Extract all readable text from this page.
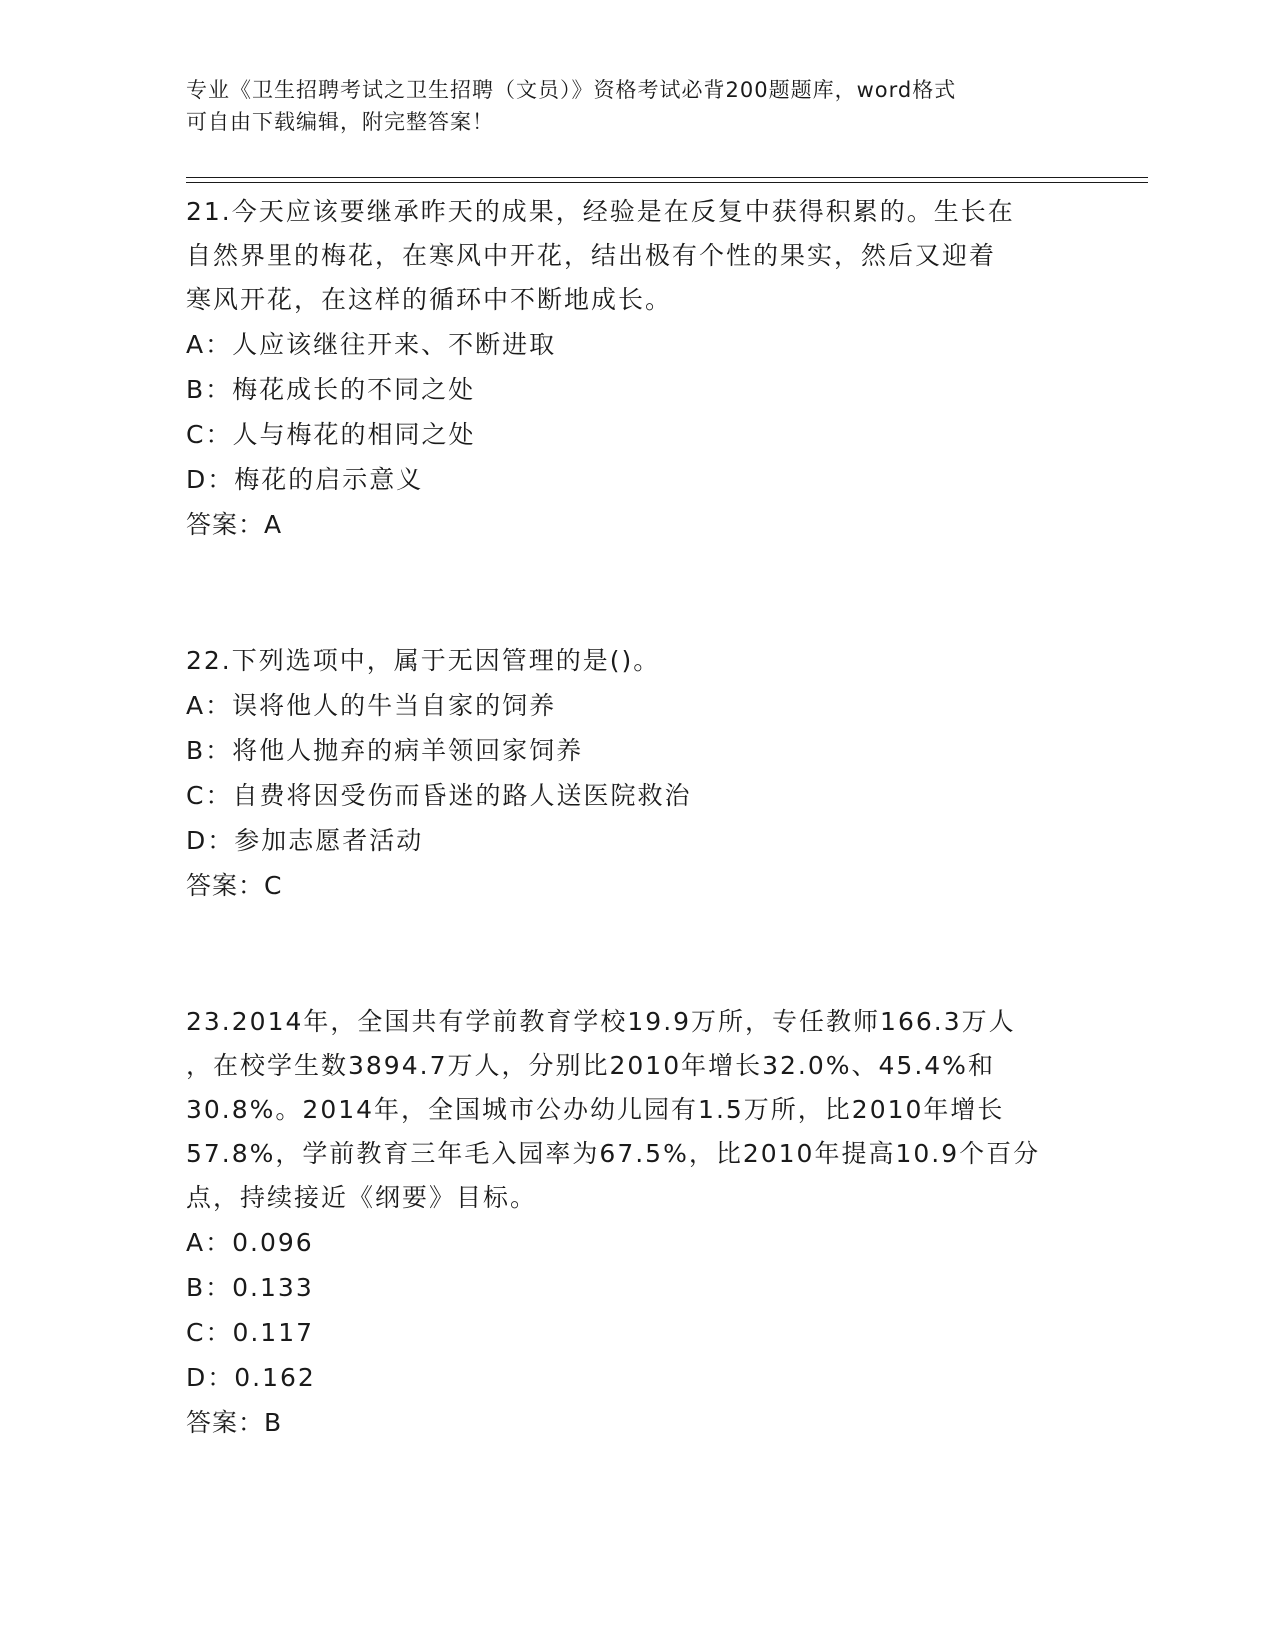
专业《卫生招聘考试之卫生招聘（文员）》资格考试必背200题题库，word格式
可自由下载编辑，附完整答案！

21.今天应该要继承昨天的成果，经验是在反复中获得积累的。生长在

自然界里的梅花，在寒风中开花，结出极有个性的果实，然后又迎着

寒风开花，在这样的循环中不断地成长。

A：人应该继往开来、不断进取

B：梅花成长的不同之处

C：人与梅花的相同之处

D：梅花的启示意义

答案：A

22.下列选项中，属于无因管理的是()。

A：误将他人的牛当自家的饲养

B：将他人抛弃的病羊领回家饲养

C：自费将因受伤而昏迷的路人送医院救治

D：参加志愿者活动

答案：C

23.2014年，全国共有学前教育学校19.9万所，专任教师166.3万人

，在校学生数3894.7万人，分别比2010年增长32.0%、45.4%和

30.8%。2014年，全国城市公办幼儿园有1.5万所，比2010年增长

57.8%，学前教育三年毛入园率为67.5%，比2010年提高10.9个百分

点，持续接近《纲要》目标。

A：0.096

B：0.133

C：0.117

D：0.162

答案：B
